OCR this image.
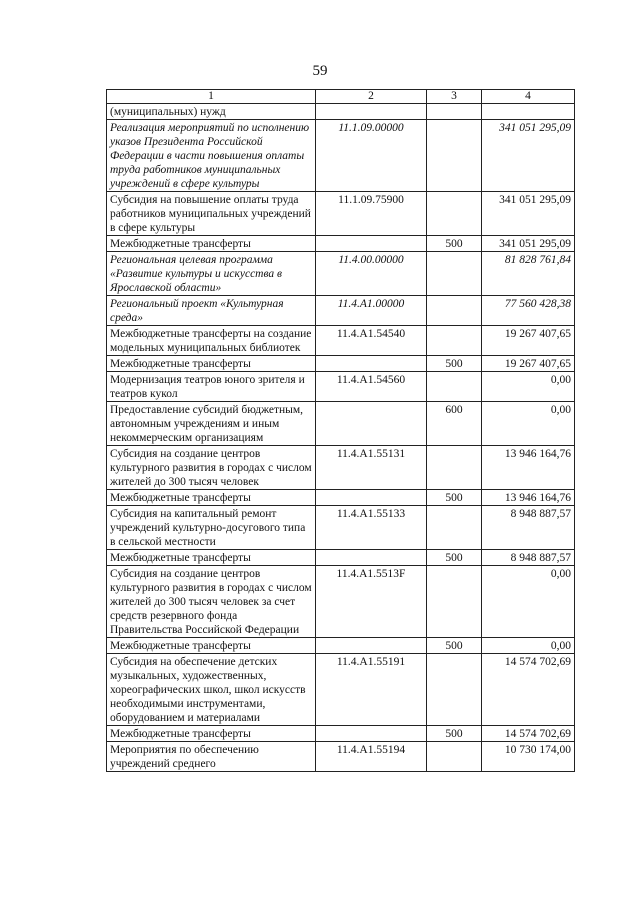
59
1	2	3	4
(муниципальных) нужд			
Реализация мероприятий по исполнению указов Президента Российской Федерации в части повышения оплаты труда работников муниципальных учреждений в сфере культуры	11.1.09.00000		341 051 295,09
Субсидия на повышение оплаты труда работников муниципальных учреждений в сфере культуры	11.1.09.75900		341 051 295,09
Межбюджетные трансферты		500	341 051 295,09
Региональная целевая программа «Развитие культуры и искусства в Ярославской области»	11.4.00.00000		81 828 761,84
Региональный проект «Культурная среда»	11.4.A1.00000		77 560 428,38
Межбюджетные трансферты на создание модельных муниципальных библиотек	11.4.A1.54540		19 267 407,65
Межбюджетные трансферты		500	19 267 407,65
Модернизация театров юного зрителя и театров кукол	11.4.A1.54560		0,00
Предоставление субсидий бюджетным, автономным учреждениям и иным некоммерческим организациям		600	0,00
Субсидия на создание центров культурного развития в городах с числом жителей до 300 тысяч человек	11.4.A1.55131		13 946 164,76
Межбюджетные трансферты		500	13 946 164,76
Субсидия на капитальный ремонт учреждений культурно-досугового типа в сельской местности	11.4.A1.55133		8 948 887,57
Межбюджетные трансферты		500	8 948 887,57
Субсидия на создание центров культурного развития в городах с числом жителей до 300 тысяч человек за счет средств резервного фонда Правительства Российской Федерации	11.4.A1.5513F		0,00
Межбюджетные трансферты		500	0,00
Субсидия на обеспечение детских музыкальных, художественных, хореографических школ, школ искусств необходимыми инструментами, оборудованием и материалами	11.4.A1.55191		14 574 702,69
Межбюджетные трансферты		500	14 574 702,69
Мероприятия по обеспечению учреждений среднего	11.4.A1.55194		10 730 174,00
